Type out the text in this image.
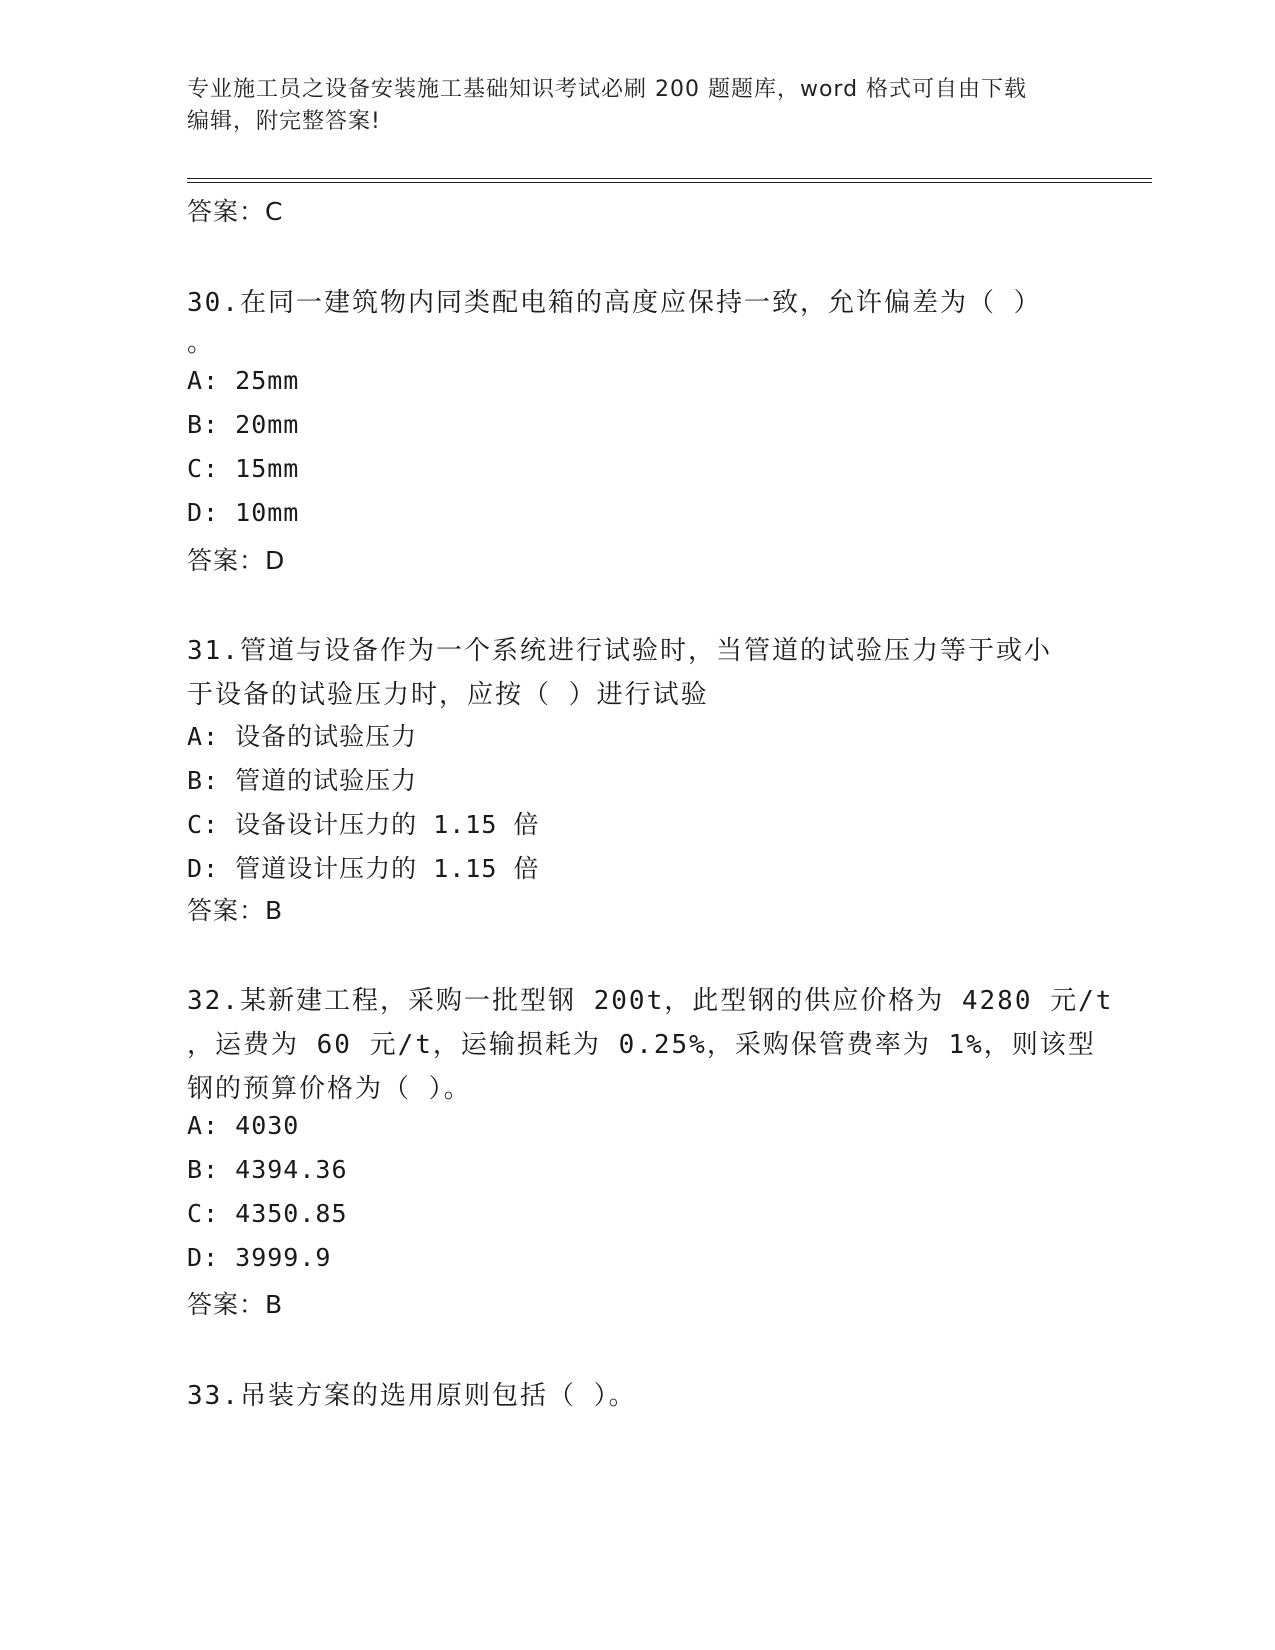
专业施工员之设备安装施工基础知识考试必刷 200 题题库，word 格式可自由下载
编辑，附完整答案!
答案：C
30.在同一建筑物内同类配电箱的高度应保持一致，允许偏差为（ ）
。
A: 25mm
B: 20mm
C: 15mm
D: 10mm
答案：D
31.管道与设备作为一个系统进行试验时，当管道的试验压力等于或小
于设备的试验压力时，应按（ ）进行试验
A: 设备的试验压力
B: 管道的试验压力
C: 设备设计压力的 1.15 倍
D: 管道设计压力的 1.15 倍
答案：B
32.某新建工程，采购一批型钢 200t，此型钢的供应价格为 4280 元/t
，运费为 60 元/t，运输损耗为 0.25%，采购保管费率为 1%，则该型
钢的预算价格为（ ）。
A: 4030
B: 4394.36
C: 4350.85
D: 3999.9
答案：B
33.吊装方案的选用原则包括（ ）。
